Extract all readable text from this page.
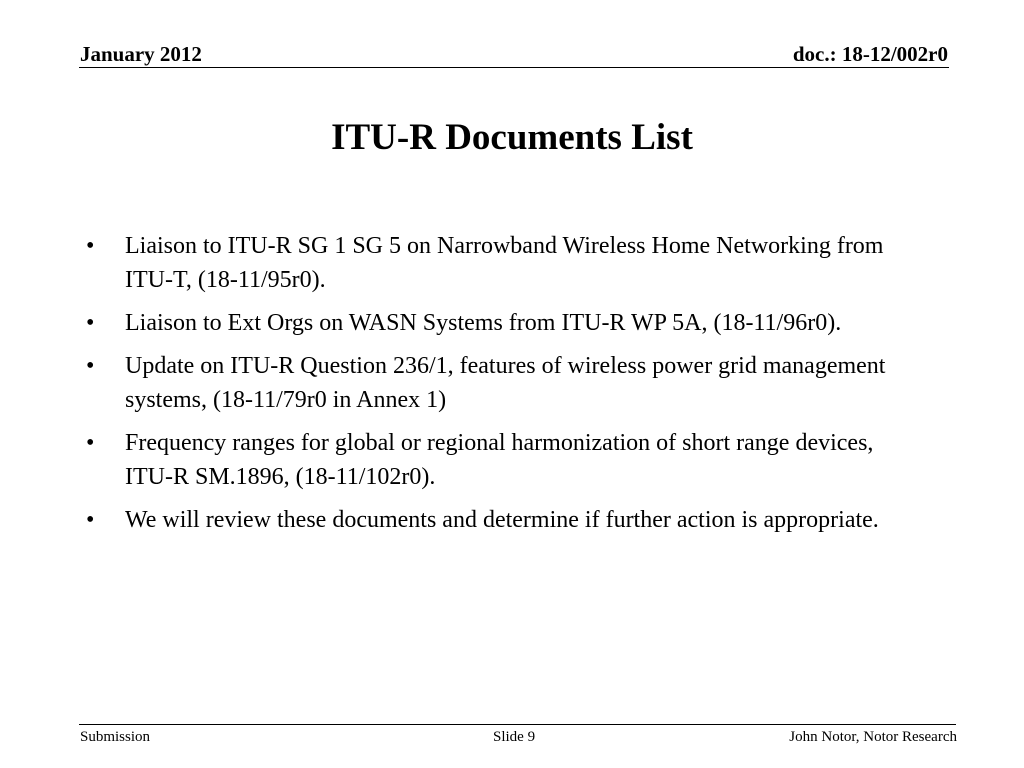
January 2012	doc.: 18-12/002r0
ITU-R Documents List
• Liaison to ITU-R SG 1 SG 5 on Narrowband Wireless Home Networking from ITU-T, (18-11/95r0).
• Liaison to Ext Orgs on WASN Systems from ITU-R WP 5A, (18-11/96r0).
• Update on ITU-R Question 236/1, features of wireless power grid management systems, (18-11/79r0 in Annex 1)
• Frequency ranges for global or regional harmonization of short range devices, ITU-R SM.1896, (18-11/102r0).
• We will review these documents and determine if further action is appropriate.
Submission	Slide 9	John Notor, Notor Research
